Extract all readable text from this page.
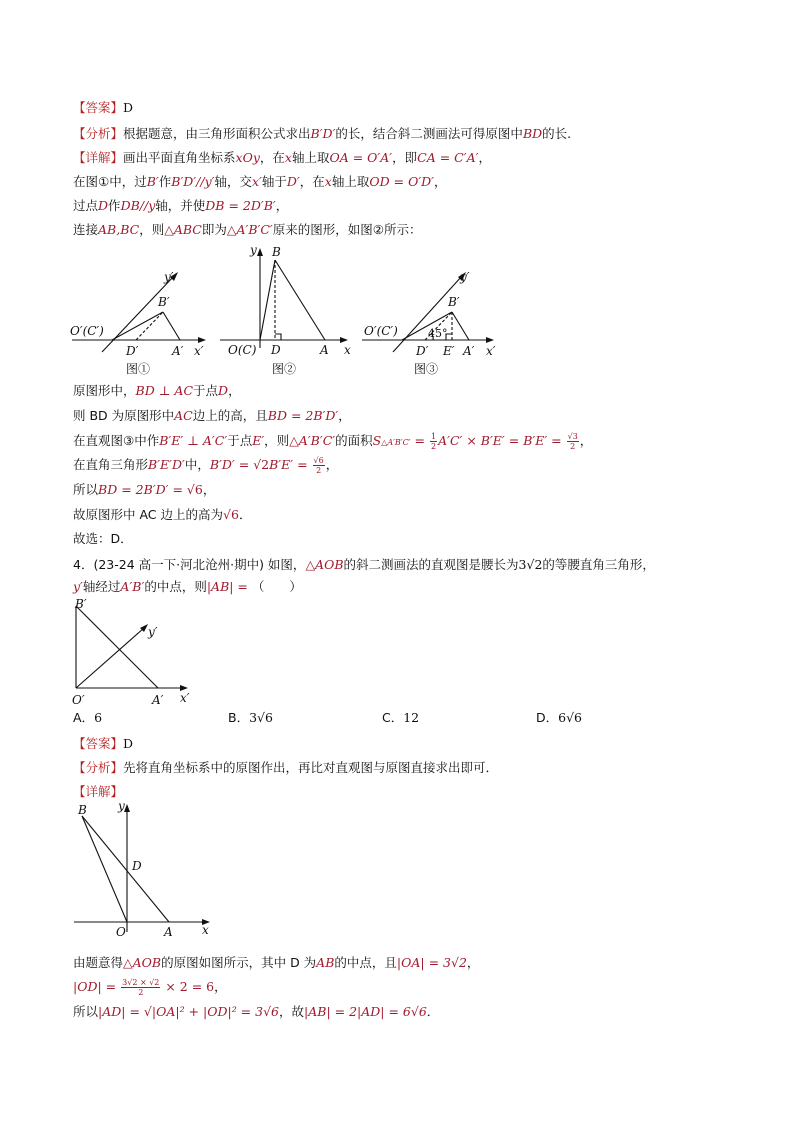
【答案】D
【分析】根据题意，由三角形面积公式求出B′D′的长，结合斜二测画法可得原图中BD的长.
【详解】画出平面直角坐标系xOy，在x轴上取OA = O′A′，即CA = C′A′，
在图①中，过B′作B′D′//y′轴，交x′轴于D′，在x轴上取OD = O′D′，
过点D作DB//y轴，并使DB = 2D′B′，
连接AB,BC，则△ABC即为△A′B′C′原来的图形，如图②所示：
y′
B′
O′(C′)
D′	A′ x′
图①
y B
O(C) D	A x
图②
y′
B′
O′(C′)	45°
D′ E′ A′ x′
图③
原图形中，BD ⊥ AC于点D，
则 BD 为原图形中AC边上的高，且BD = 2B′D′，
在直观图③中作B′E′ ⊥ A′C′于点E′，则△A′B′C′的面积S△A′B′C′ = $\frac{1}{2} A'C' \times B'E' = B'E' = \frac{√3}{2}$ ，
在直角三角形B′E′D′中，$B'D' = √2B'E' = \frac{√6}{2}$ ，
所以BD = 2B′D′ = √6，
故原图形中 AC 边上的高为√6．
故选：D．
4．(23-24 高一下·河北沧州·期中) 如图，△AOB的斜二测画法的直观图是腰长为3√2的等腰直角三角形，
y′轴经过A′B′的中点，则|AB| = （　　）
B′
y′
O′	A′ x′
A．6	B．3√6	C．12	D．6√6
【答案】D
【分析】先将直角坐标系中的原图作出，再比对直观图与原图直接求出即可．
【详解】
B	y
D
O	A x
由题意得△AOB的原图如图所示，其中 D 为AB的中点，且|OA| = 3√2，
$|OD| = \frac{3√2 \times √2}{2} \times 2 = 6$，
所以|AD| = √|OA|² + |OD|² = 3√6，故|AB| = 2|AD| = 6√6．
